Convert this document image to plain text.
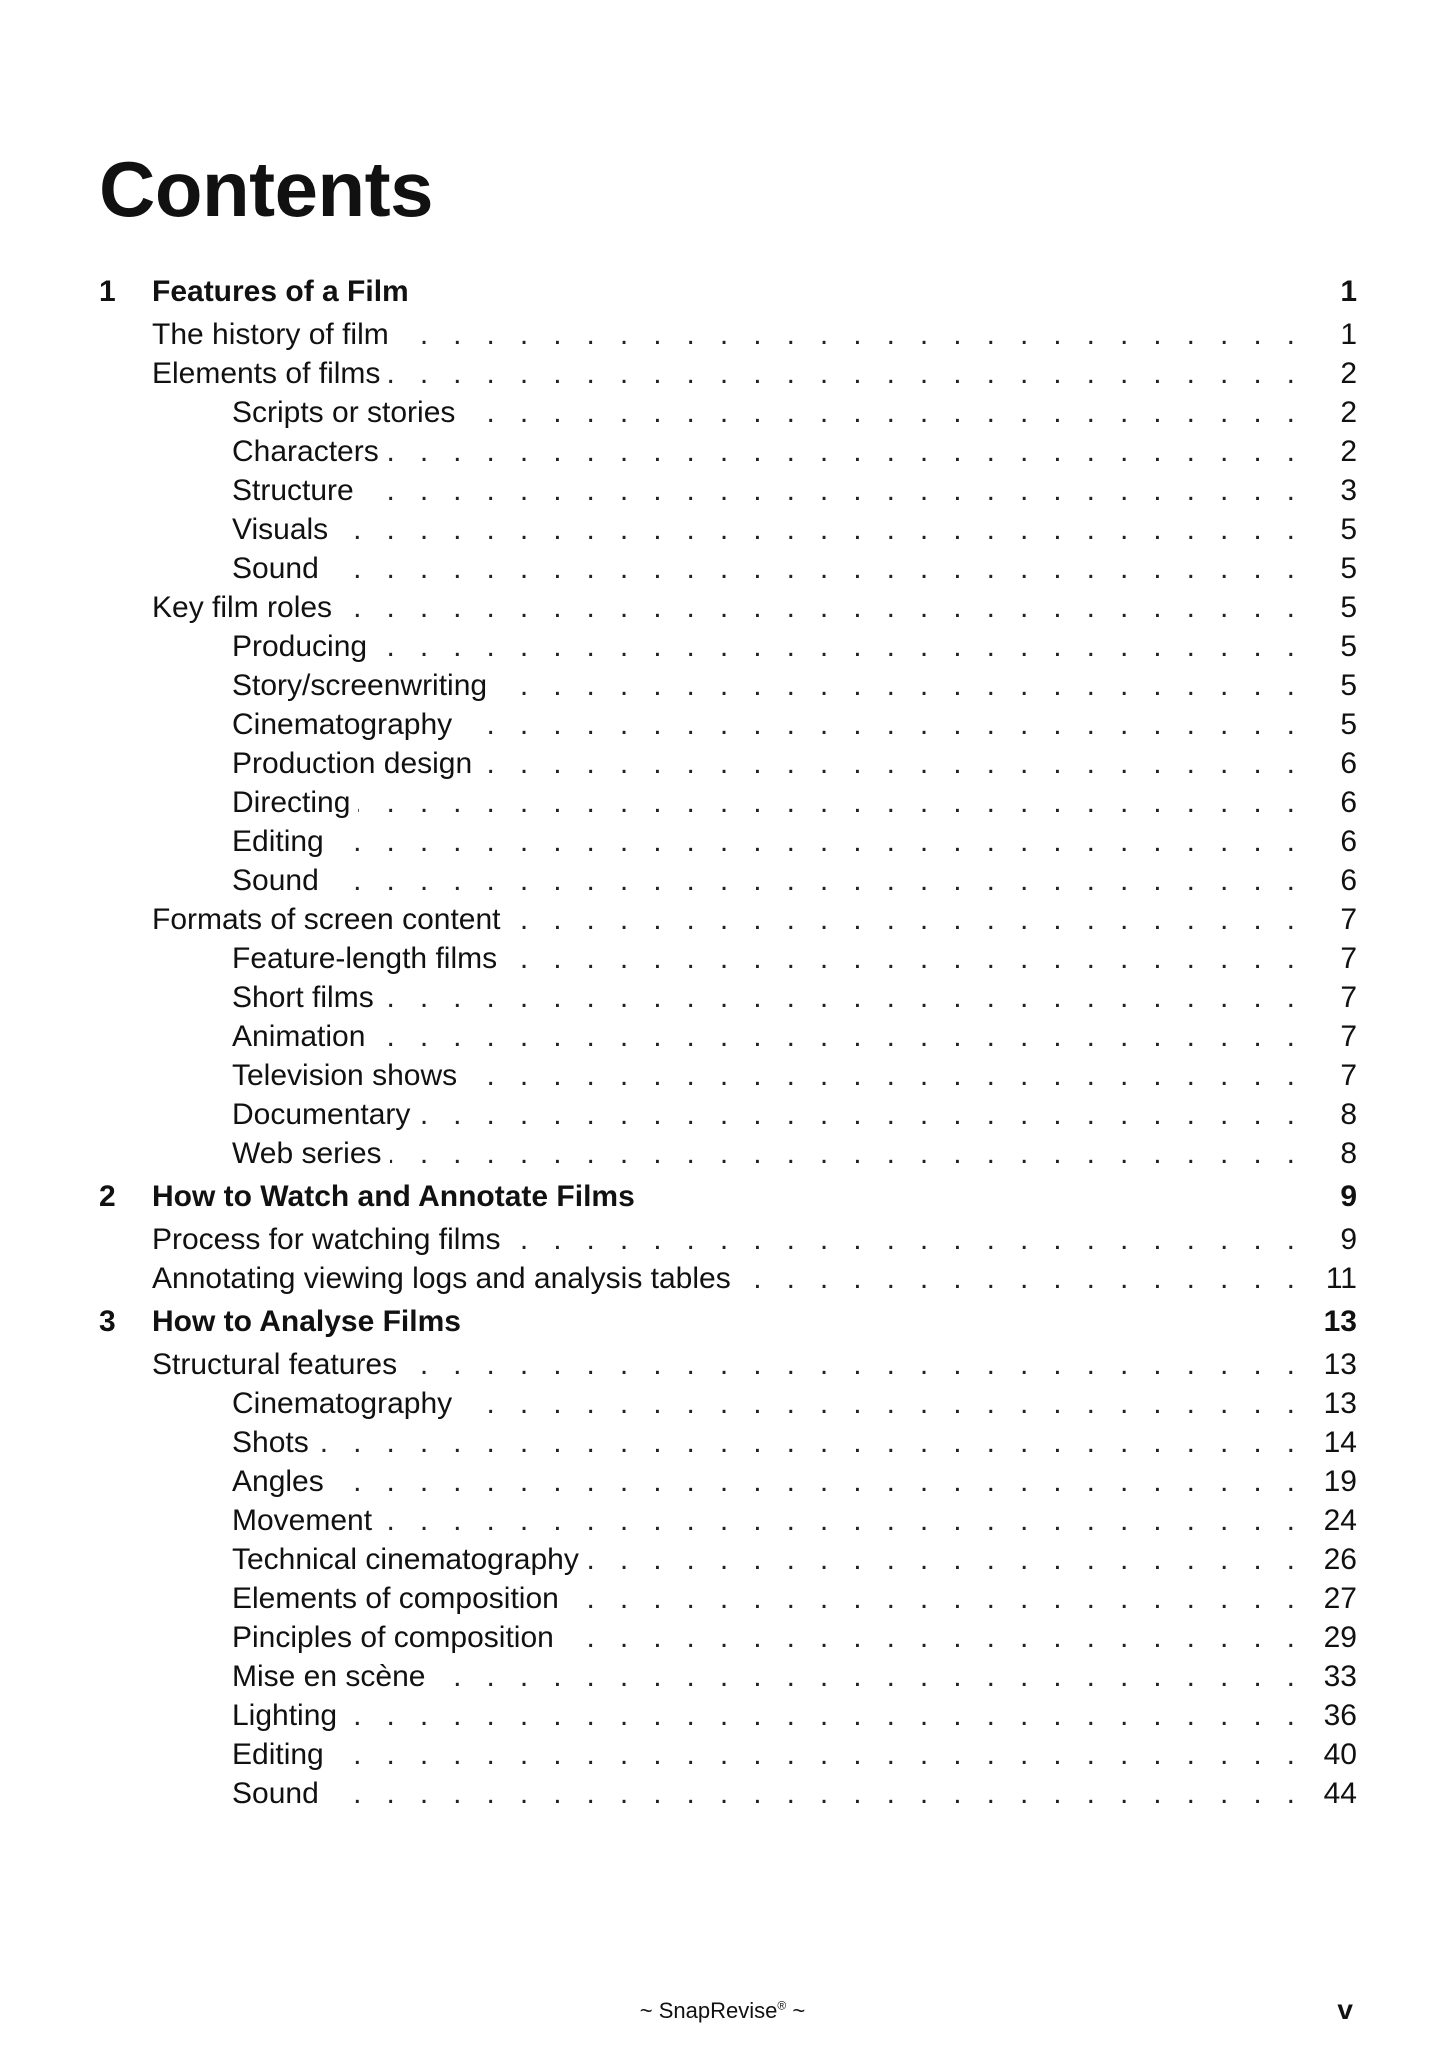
Contents
1	Features of a Film	1
. .
The history of film	1
. .
Elements of films	2
. .
Scripts or stories	2
. .
Characters	2
. .
Structure	3
. .
Visuals	5
. .
Sound	5
. .
Key film roles	5
. .
Producing	5
. .
Story/screenwriting	5
. .
Cinematography	5
. .
Production design	6
. .
Directing	6
. .
Editing	6
. .
Sound	6
. .
Formats of screen content	7
. .
Feature-length films	7
. .
Short films	7
. .
Animation	7
. .
Television shows	7
. .
Documentary	8
. .
Web series	8
2	How to Watch and Annotate Films	9
. .
Process for watching films	9
. .
Annotating viewing logs and analysis tables	11
3	How to Analyse Films	13
. .
Structural features	13
. .
Cinematography	13
. .
Shots	14
. .
Angles	19
. .
Movement	24
. .
Technical cinematography	26
. .
Elements of composition	27
. .
Pinciples of composition	29
. .
Mise en scène	33
. .
Lighting	36
. .
Editing	40
. .
Sound	44
~ SnapRevise® ~	v
